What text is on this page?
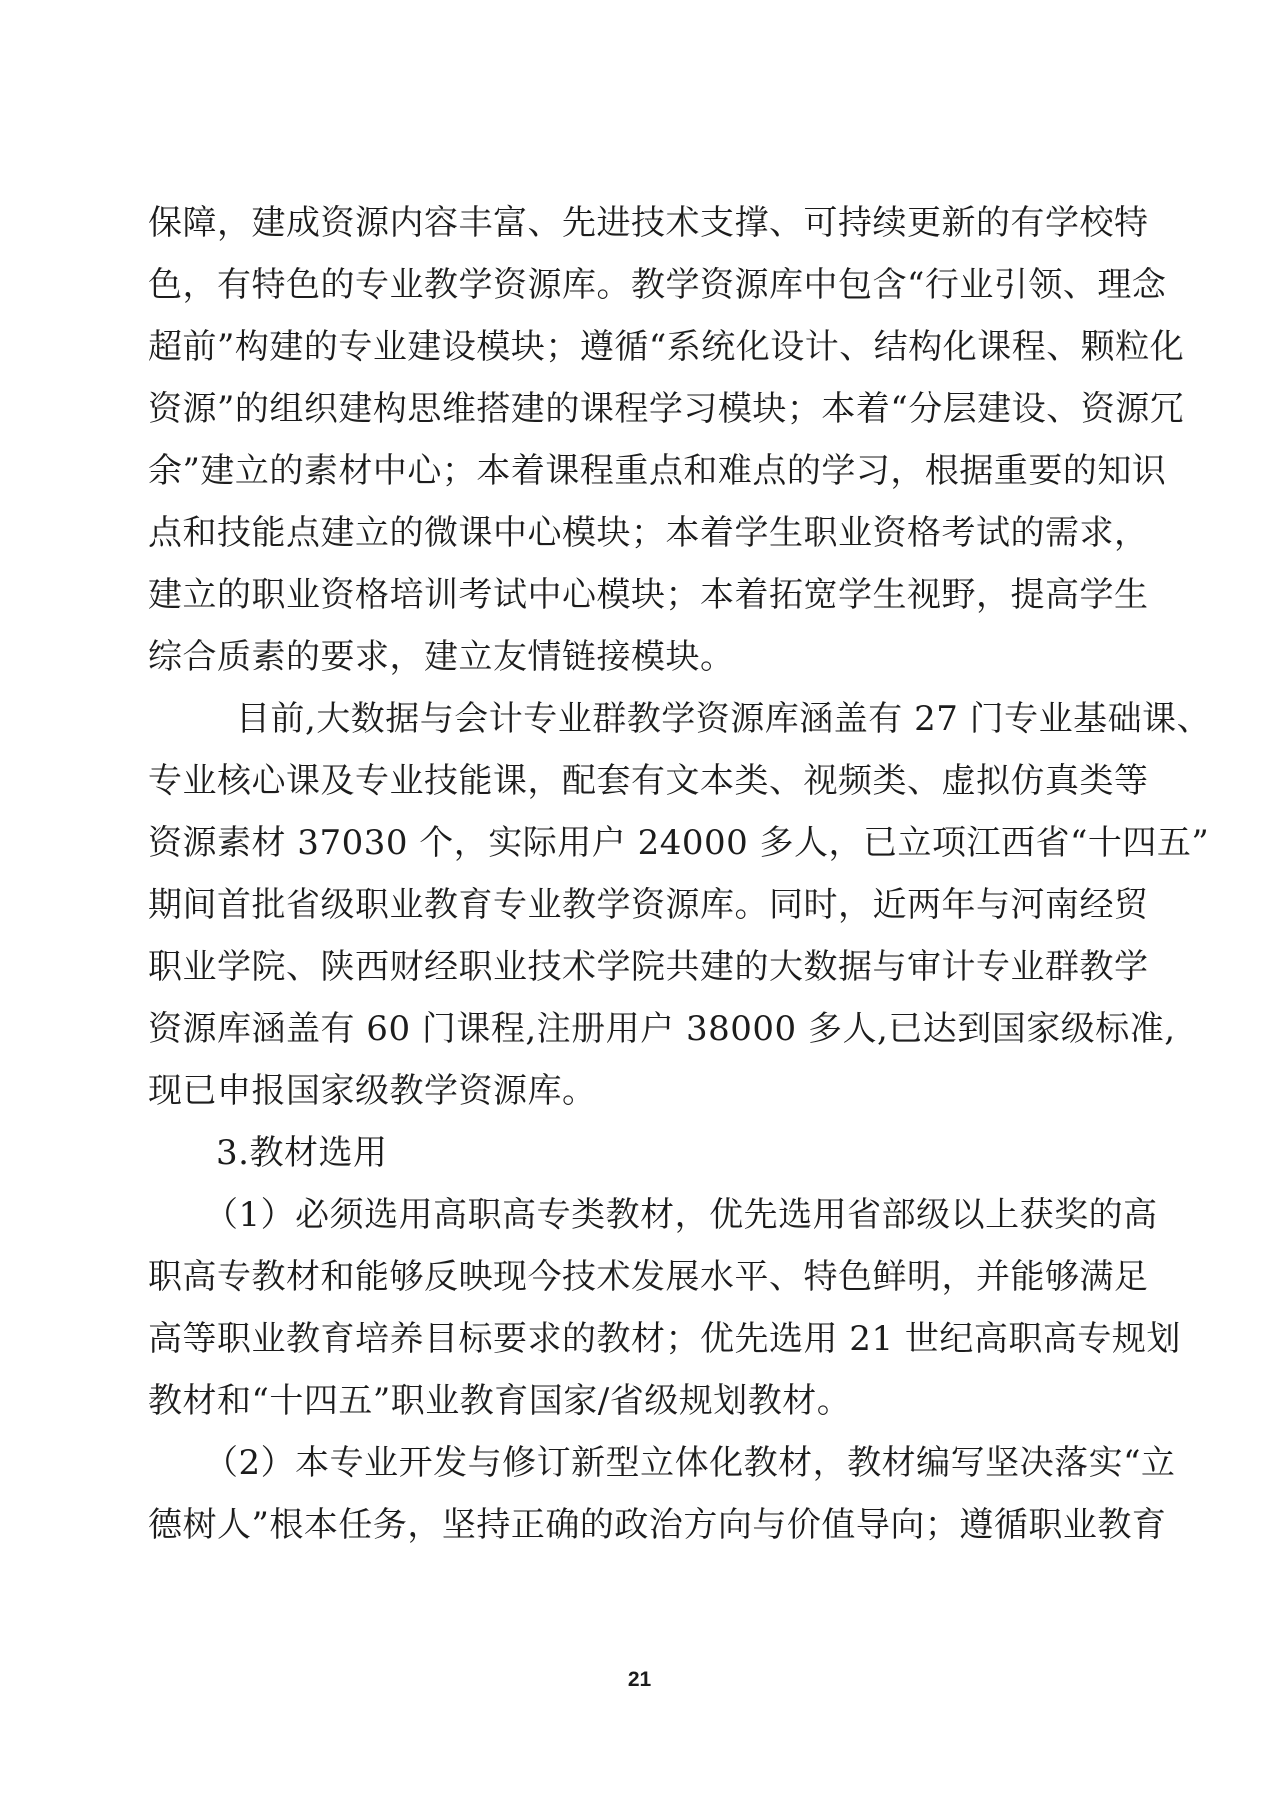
保障，建成资源内容丰富、先进技术支撑、可持续更新的有学校特
色，有特色的专业教学资源库。教学资源库中包含“行业引领、理念
超前”构建的专业建设模块；遵循“系统化设计、结构化课程、颗粒化
资源”的组织建构思维搭建的课程学习模块；本着“分层建设、资源冗
余”建立的素材中心；本着课程重点和难点的学习，根据重要的知识
点和技能点建立的微课中心模块；本着学生职业资格考试的需求，
建立的职业资格培训考试中心模块；本着拓宽学生视野，提高学生
综合质素的要求，建立友情链接模块。
目前,大数据与会计专业群教学资源库涵盖有 27 门专业基础课、
专业核心课及专业技能课，配套有文本类、视频类、虚拟仿真类等
资源素材 37030 个，实际用户 24000 多人，已立项江西省“十四五”
期间首批省级职业教育专业教学资源库。同时，近两年与河南经贸
职业学院、陕西财经职业技术学院共建的大数据与审计专业群教学
资源库涵盖有 60 门课程,注册用户 38000 多人,已达到国家级标准,
现已申报国家级教学资源库。
3.教材选用
（1）必须选用高职高专类教材，优先选用省部级以上获奖的高
职高专教材和能够反映现今技术发展水平、特色鲜明，并能够满足
高等职业教育培养目标要求的教材；优先选用 21 世纪高职高专规划
教材和“十四五”职业教育国家/省级规划教材。
（2）本专业开发与修订新型立体化教材，教材编写坚决落实“立
德树人”根本任务，坚持正确的政治方向与价值导向；遵循职业教育
21
